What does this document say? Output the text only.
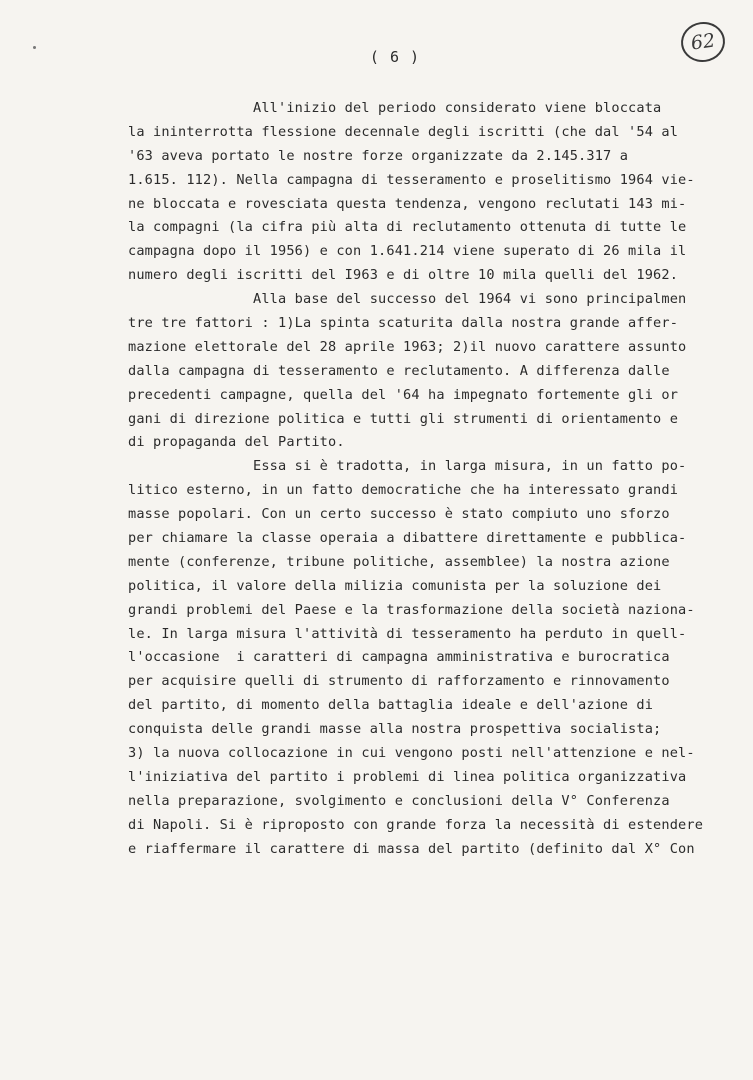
( 6 )
62
All'inizio del periodo considerato viene bloccata
la ininterrotta flessione decennale degli iscritti (che dal '54 al
'63 aveva portato le nostre forze organizzate da 2.145.317 a
1.615. 112). Nella campagna di tesseramento e proselitismo 1964 vie-
ne bloccata e rovesciata questa tendenza, vengono reclutati 143 mi-
la compagni (la cifra più alta di reclutamento ottenuta di tutte le
campagna dopo il 1956) e con 1.641.214 viene superato di 26 mila il
numero degli iscritti del I963 e di oltre 10 mila quelli del 1962.
Alla base del successo del 1964 vi sono principalmen
tre tre fattori : 1)La spinta scaturita dalla nostra grande affer-
mazione elettorale del 28 aprile 1963; 2)il nuovo carattere assunto
dalla campagna di tesseramento e reclutamento. A differenza dalle
precedenti campagne, quella del '64 ha impegnato fortemente gli or
gani di direzione politica e tutti gli strumenti di orientamento e
di propaganda del Partito.
Essa si è tradotta, in larga misura, in un fatto po-
litico esterno, in un fatto democratiche che ha interessato grandi
masse popolari. Con un certo successo è stato compiuto uno sforzo
per chiamare la classe operaia a dibattere direttamente e pubblica-
mente (conferenze, tribune politiche, assemblee) la nostra azione
politica, il valore della milizia comunista per la soluzione dei
grandi problemi del Paese e la trasformazione della società naziona-
le. In larga misura l'attività di tesseramento ha perduto in quell-
l'occasione  i caratteri di campagna amministrativa e burocratica
per acquisire quelli di strumento di rafforzamento e rinnovamento
del partito, di momento della battaglia ideale e dell'azione di
conquista delle grandi masse alla nostra prospettiva socialista;
3) la nuova collocazione in cui vengono posti nell'attenzione e nel-
l'iniziativa del partito i problemi di linea politica organizzativa
nella preparazione, svolgimento e conclusioni della V° Conferenza
di Napoli. Si è riproposto con grande forza la necessità di estendere
e riaffermare il carattere di massa del partito (definito dal X° Con
